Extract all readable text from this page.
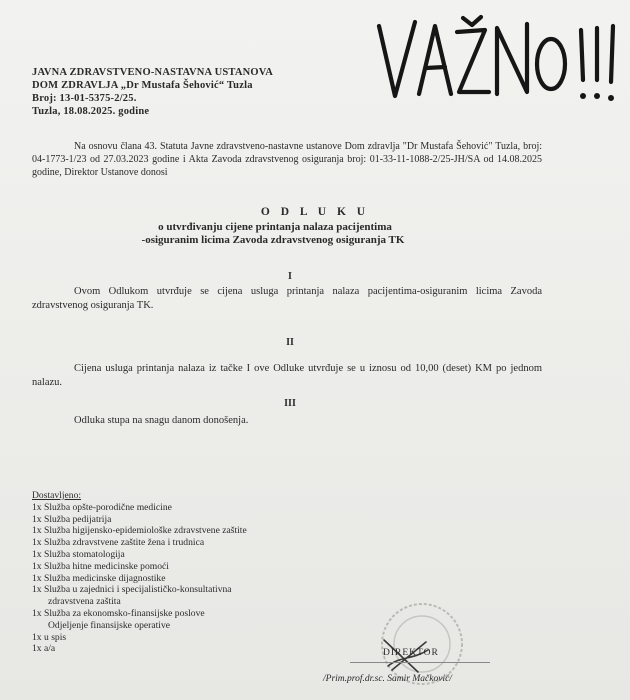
JAVNA ZDRAVSTVENO-NASTAVNA USTANOVA
DOM ZDRAVLJA „Dr Mustafa Šehović“ Tuzla
Broj: 13-01-5375-2/25.
Tuzla, 18.08.2025. godine
Na osnovu člana 43. Statuta Javne zdravstveno-nastavne ustanove Dom zdravlja "Dr Mustafa Šehović" Tuzla, broj: 04-1773-1/23 od 27.03.2023 godine i Akta Zavoda zdravstvenog osiguranja broj: 01-33-11-1088-2/25-JH/SA od 14.08.2025 godine, Direktor Ustanove donosi
O D L U K U
o utvrđivanju cijene printanja nalaza pacijentima
-osiguranim licima Zavoda zdravstvenog osiguranja TK
I
Ovom Odlukom utvrđuje se cijena usluga printanja nalaza pacijentima-osiguranim licima Zavoda zdravstvenog osiguranja TK.
II
Cijena usluga printanja nalaza iz tačke I ove Odluke utvrđuje se u iznosu od 10,00 (deset) KM po jednom nalazu.
III
Odluka stupa na snagu danom donošenja.
Dostavljeno:
1x Služba opšte-porodične medicine
1x Služba pedijatrija
1x Služba higijensko-epidemiološke zdravstvene zaštite
1x Služba zdravstvene zaštite žena i trudnica
1x Služba stomatologija
1x Služba hitne medicinske pomoći
1x Služba medicinske dijagnostike
1x Služba u zajednici i specijalističko-konsultativna
zdravstvena zaštita
1x Služba za ekonomsko-finansijske poslove
Odjeljenje finansijske operative
1x u spis
1x a/a	DIREKTOR
/Prim.prof.dr.sc. Samir Mačković/
